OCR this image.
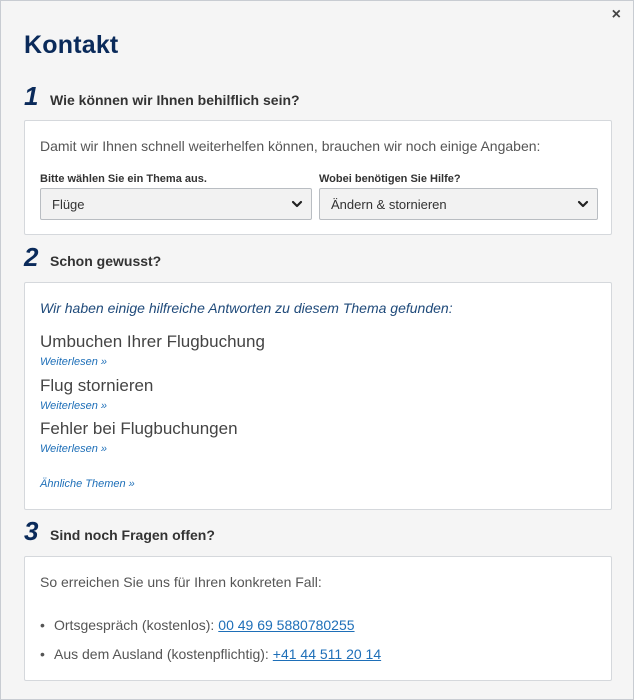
×
Kontakt
1 Wie können wir Ihnen behilflich sein?
Damit wir Ihnen schnell weiterhelfen können, brauchen wir noch einige Angaben:
Bitte wählen Sie ein Thema aus.
Flüge
Wobei benötigen Sie Hilfe?
Ändern & stornieren
2 Schon gewusst?
Wir haben einige hilfreiche Antworten zu diesem Thema gefunden:
Umbuchen Ihrer Flugbuchung
Weiterlesen »
Flug stornieren
Weiterlesen »
Fehler bei Flugbuchungen
Weiterlesen »
Ähnliche Themen »
3 Sind noch Fragen offen?
So erreichen Sie uns für Ihren konkreten Fall:
• Ortsgespräch (kostenlos): 00 49 69 5880780255
• Aus dem Ausland (kostenpflichtig): +41 44 511 20 14
